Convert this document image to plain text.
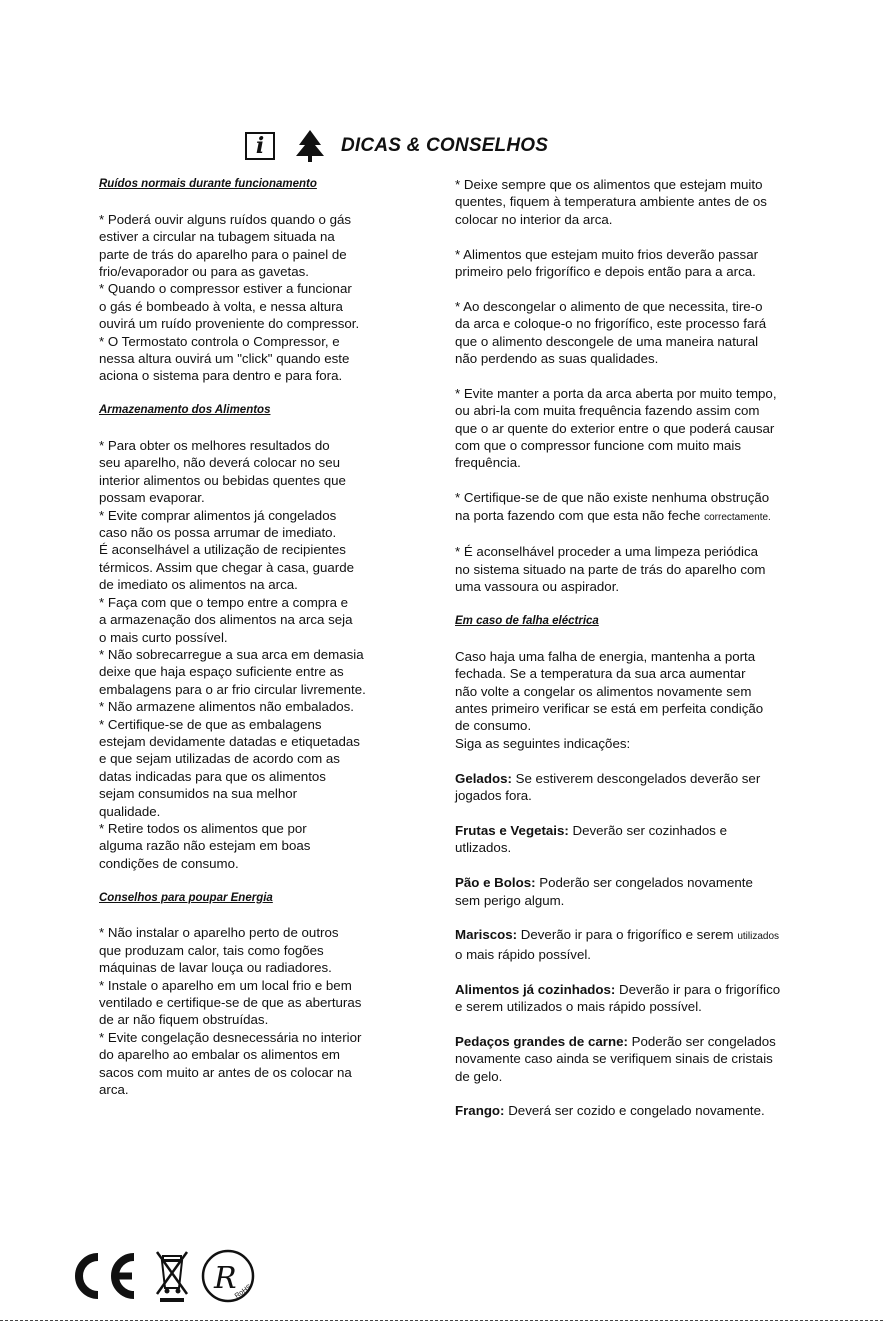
i	DICAS & CONSELHOS

Ruídos normais durante funcionamento

* Poderá ouvir alguns ruídos quando o gás

estiver a circular na tubagem situada na

parte de trás do aparelho para o painel de

frio/evaporador ou para as gavetas.

* Quando o compressor estiver a funcionar

o gás é bombeado à volta, e nessa altura

ouvirá um ruído proveniente do compressor.

* O Termostato controla o Compressor, e

nessa altura ouvirá um "click" quando este

aciona o sistema para dentro e para fora.

Armazenamento dos Alimentos

* Para obter os melhores resultados do

seu aparelho, não deverá colocar no seu

interior alimentos ou bebidas quentes que

possam evaporar.

* Evite comprar alimentos já congelados

caso não os possa arrumar de imediato.

É aconselhável a utilização de recipientes

térmicos. Assim que chegar à casa, guarde

de imediato os alimentos na arca.

* Faça com que o tempo entre a compra e

a armazenação dos alimentos na arca seja

o mais curto possível.

* Não sobrecarregue a sua arca em demasia

deixe que haja espaço suficiente entre as

embalagens para o ar frio circular livremente.

* Não armazene alimentos não embalados.

* Certifique-se de que as embalagens

estejam devidamente datadas e etiquetadas

e que sejam utilizadas de acordo com as

datas indicadas para que os alimentos

sejam consumidos na sua melhor

qualidade.

* Retire todos os alimentos que por

alguma razão não estejam em boas

condições de consumo.

Conselhos para poupar Energia

* Não instalar o aparelho perto de outros

que produzam calor, tais como fogões

máquinas de lavar louça ou radiadores.

* Instale o aparelho em um local frio e bem

ventilado e certifique-se de que as aberturas

de ar não fiquem obstruídas.

* Evite congelação desnecessária no interior

do aparelho ao embalar os alimentos em

sacos com muito ar antes de os colocar na

arca.

* Deixe sempre que os alimentos que estejam muito

quentes, fiquem à temperatura ambiente antes de os

colocar no interior da arca.

* Alimentos que estejam muito frios deverão passar

primeiro pelo frigorífico e depois então para a arca.

* Ao descongelar o alimento de que necessita, tire-o

da arca e coloque-o no frigorífico, este processo fará

que o alimento descongele de uma maneira natural

não perdendo as suas qualidades.

* Evite manter a porta da arca aberta por muito tempo,

ou abri-la com muita frequência fazendo assim com

que o ar quente do exterior entre o que poderá causar

com que o compressor funcione com muito mais

frequência.

* Certifique-se de que não existe nenhuma obstrução

na porta fazendo com que esta não feche correctamente.

* É aconselhável proceder a uma limpeza periódica

no sistema situado na parte de trás do aparelho com

uma vassoura ou aspirador.

Em caso de falha eléctrica

Caso haja uma falha de energia, mantenha a porta

fechada. Se a temperatura da sua arca aumentar

não volte a congelar os alimentos novamente sem

antes primeiro verificar se está em perfeita condição

de consumo.

Siga as seguintes indicações:

Gelados: Se estiverem descongelados deverão ser

jogados fora.

Frutas e Vegetais: Deverão ser cozinhados e

utlizados.

Pão e Bolos: Poderão ser congelados novamente

sem perigo algum.

Mariscos: Deverão ir para o frigorífico e serem utilizados

o mais rápido possível.

Alimentos já cozinhados: Deverão ir para o frigorífico

e serem utilizados o mais rápido possível.

Pedaços grandes de carne: Poderão ser congelados

novamente caso ainda se verifiquem sinais de cristais

de gelo.

Frango: Deverá ser cozido e congelado novamente.

R
RoHS
